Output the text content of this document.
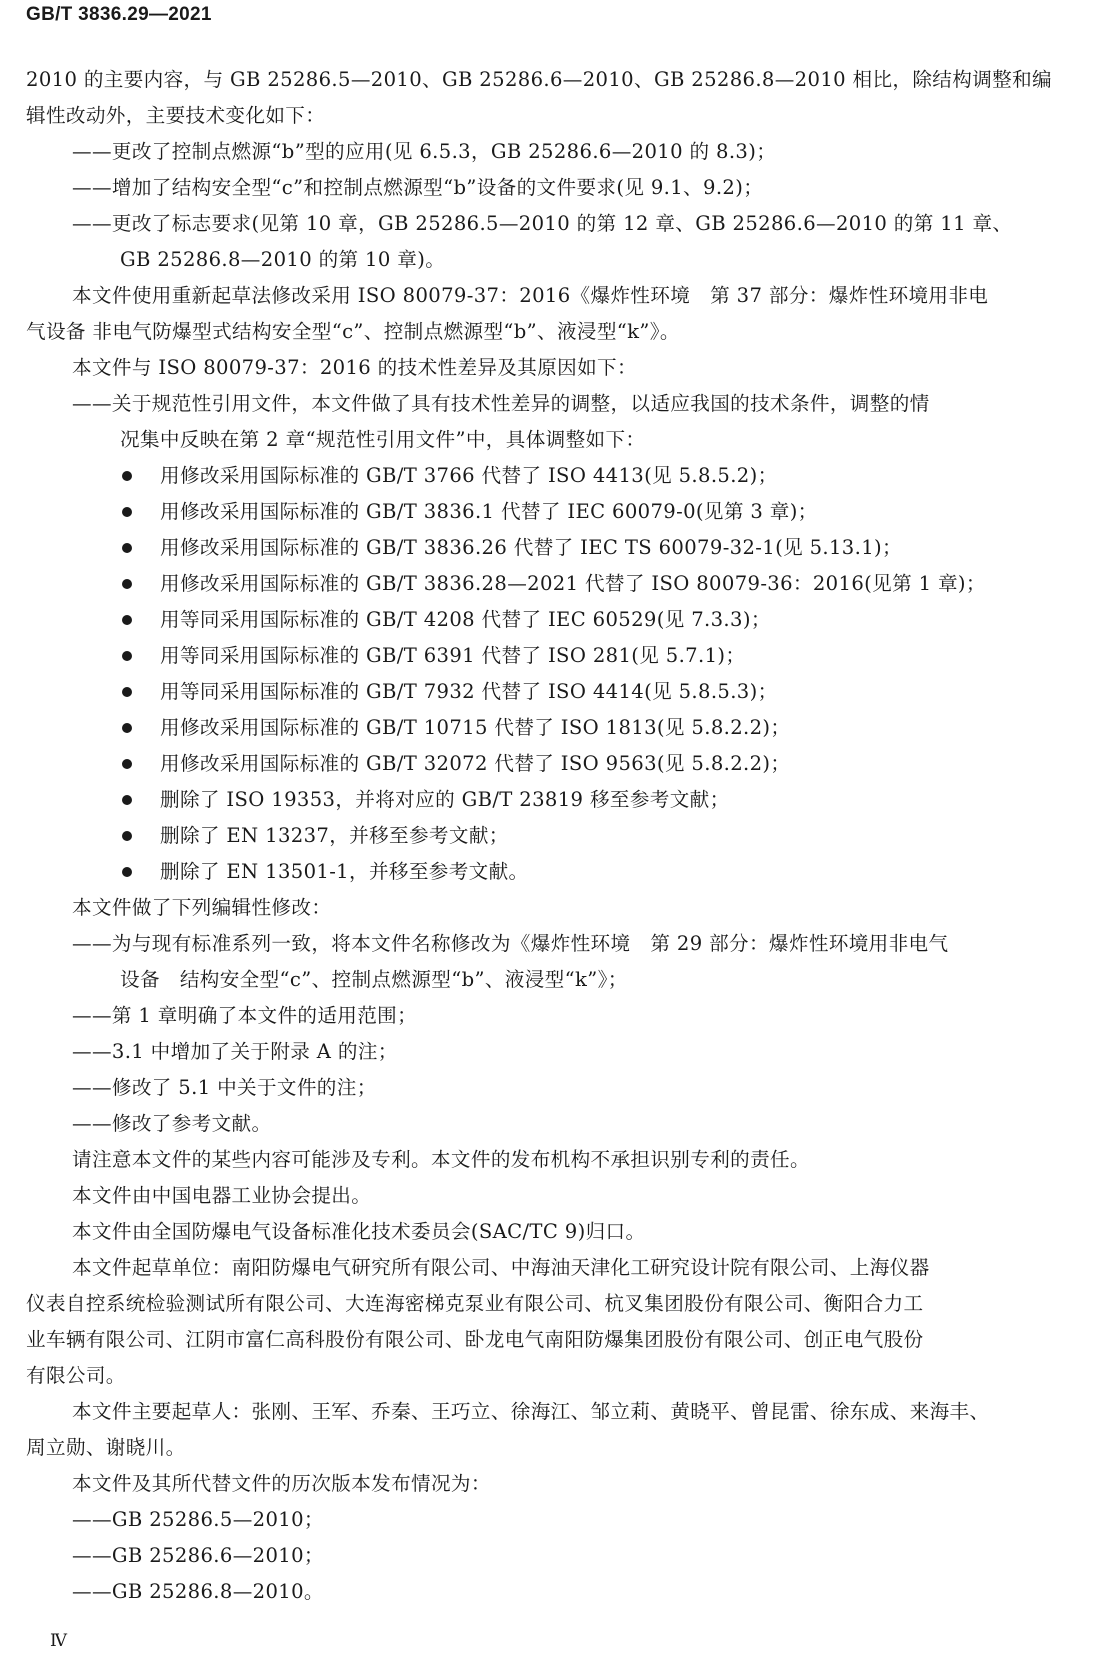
GB/T 3836.29—2021
2010 的主要内容，与 GB 25286.5—2010、GB 25286.6—2010、GB 25286.8—2010 相比，除结构调整和编
辑性改动外，主要技术变化如下：
——更改了控制点燃源“b”型的应用(见 6.5.3，GB 25286.6—2010 的 8.3)；
——增加了结构安全型“c”和控制点燃源型“b”设备的文件要求(见 9.1、9.2)；
——更改了标志要求(见第 10 章，GB 25286.5—2010 的第 12 章、GB 25286.6—2010 的第 11 章、
GB 25286.8—2010 的第 10 章)。
本文件使用重新起草法修改采用 ISO 80079-37：2016《爆炸性环境　第 37 部分：爆炸性环境用非电
气设备 非电气防爆型式结构安全型“c”、控制点燃源型“b”、液浸型“k”》。
本文件与 ISO 80079-37：2016 的技术性差异及其原因如下：
——关于规范性引用文件，本文件做了具有技术性差异的调整，以适应我国的技术条件，调整的情
况集中反映在第 2 章“规范性引用文件”中，具体调整如下：
用修改采用国际标准的 GB/T 3766 代替了 ISO 4413(见 5.8.5.2)；
用修改采用国际标准的 GB/T 3836.1 代替了 IEC 60079-0(见第 3 章)；
用修改采用国际标准的 GB/T 3836.26 代替了 IEC TS 60079-32-1(见 5.13.1)；
用修改采用国际标准的 GB/T 3836.28—2021 代替了 ISO 80079-36：2016(见第 1 章)；
用等同采用国际标准的 GB/T 4208 代替了 IEC 60529(见 7.3.3)；
用等同采用国际标准的 GB/T 6391 代替了 ISO 281(见 5.7.1)；
用等同采用国际标准的 GB/T 7932 代替了 ISO 4414(见 5.8.5.3)；
用修改采用国际标准的 GB/T 10715 代替了 ISO 1813(见 5.8.2.2)；
用修改采用国际标准的 GB/T 32072 代替了 ISO 9563(见 5.8.2.2)；
删除了 ISO 19353，并将对应的 GB/T 23819 移至参考文献；
删除了 EN 13237，并移至参考文献；
删除了 EN 13501-1，并移至参考文献。
本文件做了下列编辑性修改：
——为与现有标准系列一致，将本文件名称修改为《爆炸性环境　第 29 部分：爆炸性环境用非电气
设备　结构安全型“c”、控制点燃源型“b”、液浸型“k”》；
——第 1 章明确了本文件的适用范围；
——3.1 中增加了关于附录 A 的注；
——修改了 5.1 中关于文件的注；
——修改了参考文献。
请注意本文件的某些内容可能涉及专利。本文件的发布机构不承担识别专利的责任。
本文件由中国电器工业协会提出。
本文件由全国防爆电气设备标准化技术委员会(SAC/TC 9)归口。
本文件起草单位：南阳防爆电气研究所有限公司、中海油天津化工研究设计院有限公司、上海仪器
仪表自控系统检验测试所有限公司、大连海密梯克泵业有限公司、杭叉集团股份有限公司、衡阳合力工
业车辆有限公司、江阴市富仁高科股份有限公司、卧龙电气南阳防爆集团股份有限公司、创正电气股份
有限公司。
本文件主要起草人：张刚、王军、乔秦、王巧立、徐海江、邹立莉、黄晓平、曾昆雷、徐东成、来海丰、
周立勋、谢晓川。
本文件及其所代替文件的历次版本发布情况为：
——GB 25286.5—2010；
——GB 25286.6—2010；
——GB 25286.8—2010。
Ⅳ
